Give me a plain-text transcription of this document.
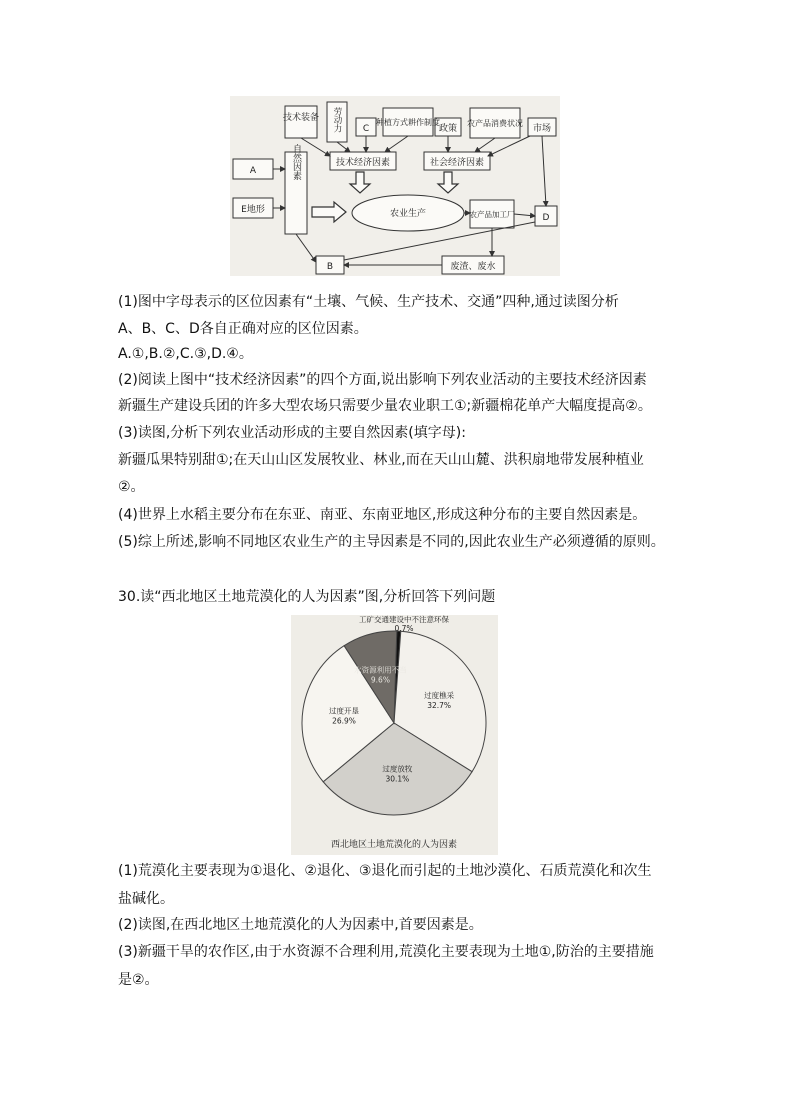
技术装备 劳动力 C
种植方式耕作制度
政策
农产品消费状况
市场
技术经济因素	社会经济因素
A
E地形
自然因素
农业生产	农产品加工厂	D
B	废渣、废水
(1)图中字母表示的区位因素有“土壤、气候、生产技术、交通”四种,通过读图分析
A、B、C、D各自正确对应的区位因素。
A.①,B.②,C.③,D.④。
(2)阅读上图中“技术经济因素”的四个方面,说出影响下列农业活动的主要技术经济因素
新疆生产建设兵团的许多大型农场只需要少量农业职工①;新疆棉花单产大幅度提高②。
(3)读图,分析下列农业活动形成的主要自然因素(填字母):
新疆瓜果特别甜①;在天山山区发展牧业、林业,而在天山山麓、洪积扇地带发展种植业
②。
(4)世界上水稻主要分布在东亚、南亚、东南亚地区,形成这种分布的主要自然因素是。
(5)综上所述,影响不同地区农业生产的主导因素是不同的,因此农业生产必须遵循的原则。
30.读“西北地区土地荒漠化的人为因素”图,分析回答下列问题
工矿交通建设中不注意环保
0.7%
过度樵采
32.7%
过度放牧
30.1%
过度开垦
26.9%
水资源利用不当
9.6%
西北地区土地荒漠化的人为因素
(1)荒漠化主要表现为①退化、②退化、③退化而引起的土地沙漠化、石质荒漠化和次生
盐碱化。
(2)读图,在西北地区土地荒漠化的人为因素中,首要因素是。
(3)新疆干旱的农作区,由于水资源不合理利用,荒漠化主要表现为土地①,防治的主要措施
是②。
